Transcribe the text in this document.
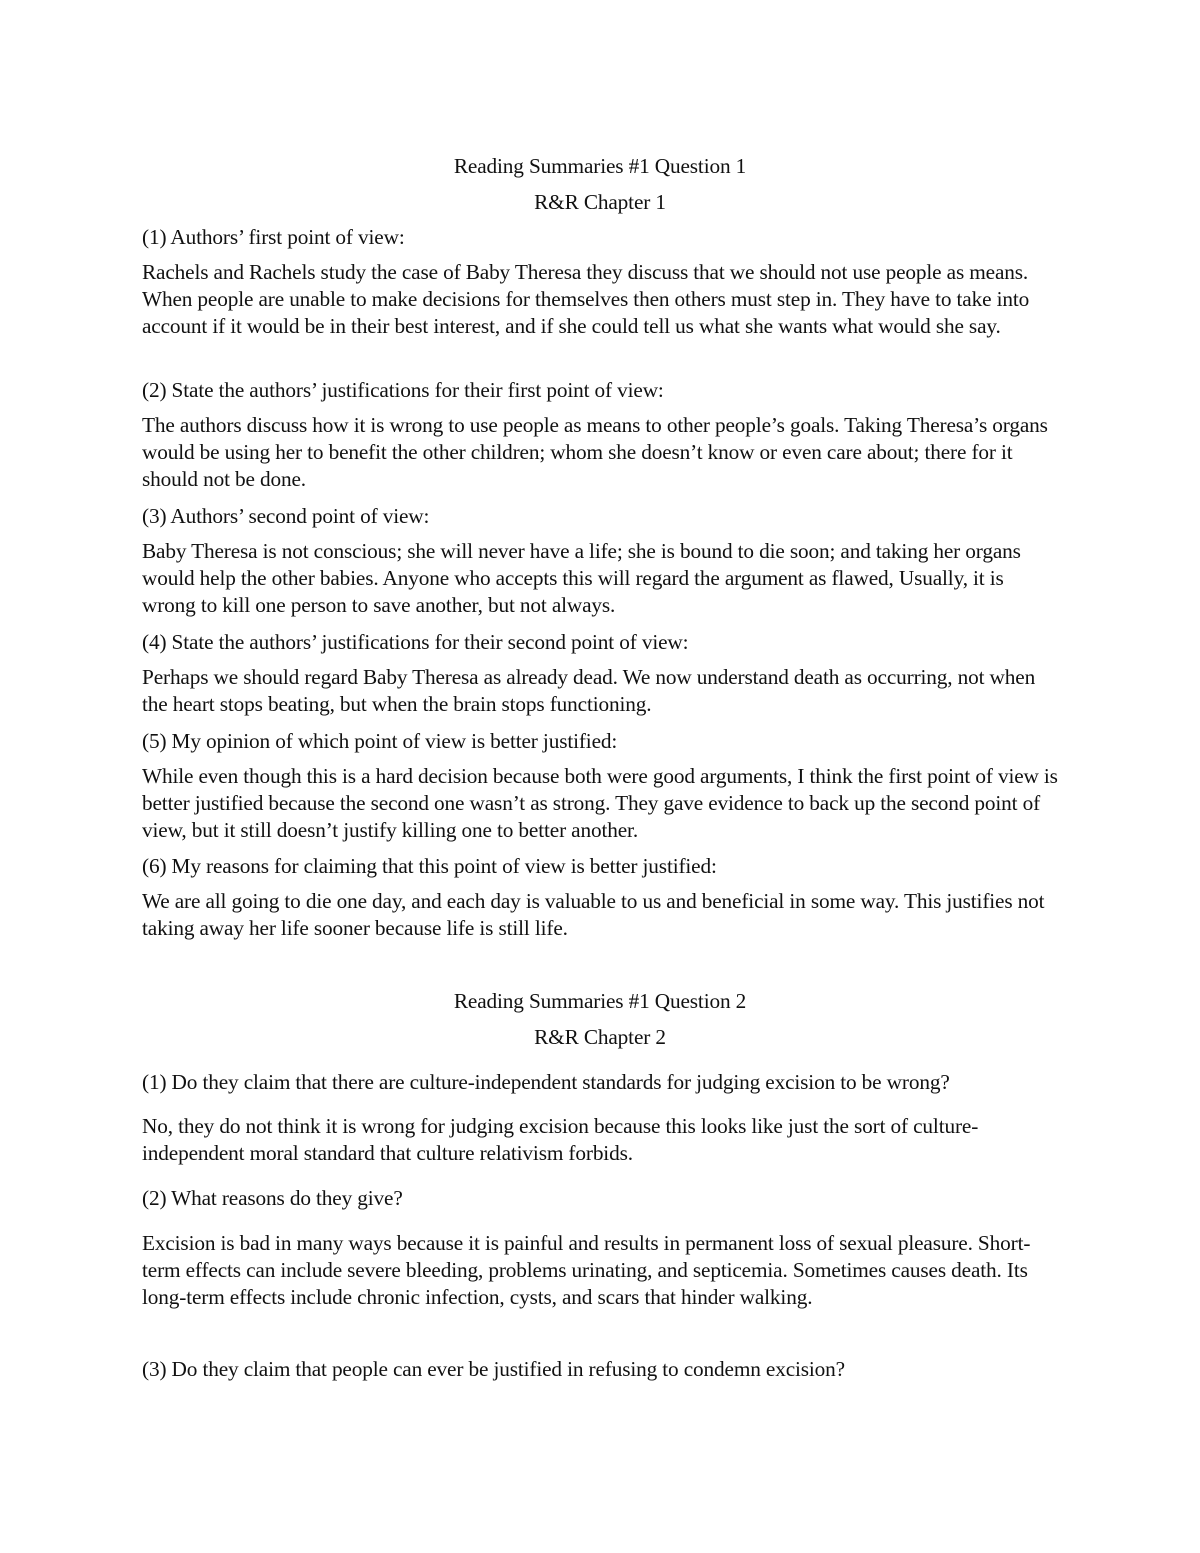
Reading Summaries #1 Question 1

R&R Chapter 1

(1) Authors’ first point of view:

Rachels and Rachels study the case of Baby Theresa they discuss that we should not use people as means. When people are unable to make decisions for themselves then others must step in. They have to take into account if it would be in their best interest, and if she could tell us what she wants what would she say.

(2) State the authors’ justifications for their first point of view:

The authors discuss how it is wrong to use people as means to other people’s goals. Taking Theresa’s organs would be using her to benefit the other children; whom she doesn’t know or even care about; there for it should not be done.

(3) Authors’ second point of view:

Baby Theresa is not conscious; she will never have a life; she is bound to die soon; and taking her organs would help the other babies. Anyone who accepts this will regard the argument as flawed, Usually, it is wrong to kill one person to save another, but not always.

(4) State the authors’ justifications for their second point of view:

Perhaps we should regard Baby Theresa as already dead. We now understand death as occurring, not when the heart stops beating, but when the brain stops functioning.

(5) My opinion of which point of view is better justified:

While even though this is a hard decision because both were good arguments, I think the first point of view is better justified because the second one wasn’t as strong. They gave evidence to back up the second point of view, but it still doesn’t justify killing one to better another.

(6) My reasons for claiming that this point of view is better justified:

We are all going to die one day, and each day is valuable to us and beneficial in some way. This justifies not taking away her life sooner because life is still life.

Reading Summaries #1 Question 2

R&R Chapter 2

(1) Do they claim that there are culture-independent standards for judging excision to be wrong?

No, they do not think it is wrong for judging excision because this looks like just the sort of culture-independent moral standard that culture relativism forbids.

(2) What reasons do they give?

Excision is bad in many ways because it is painful and results in permanent loss of sexual pleasure. Short-term effects can include severe bleeding, problems urinating, and septicemia. Sometimes causes death. Its long-term effects include chronic infection, cysts, and scars that hinder walking.

(3) Do they claim that people can ever be justified in refusing to condemn excision?
